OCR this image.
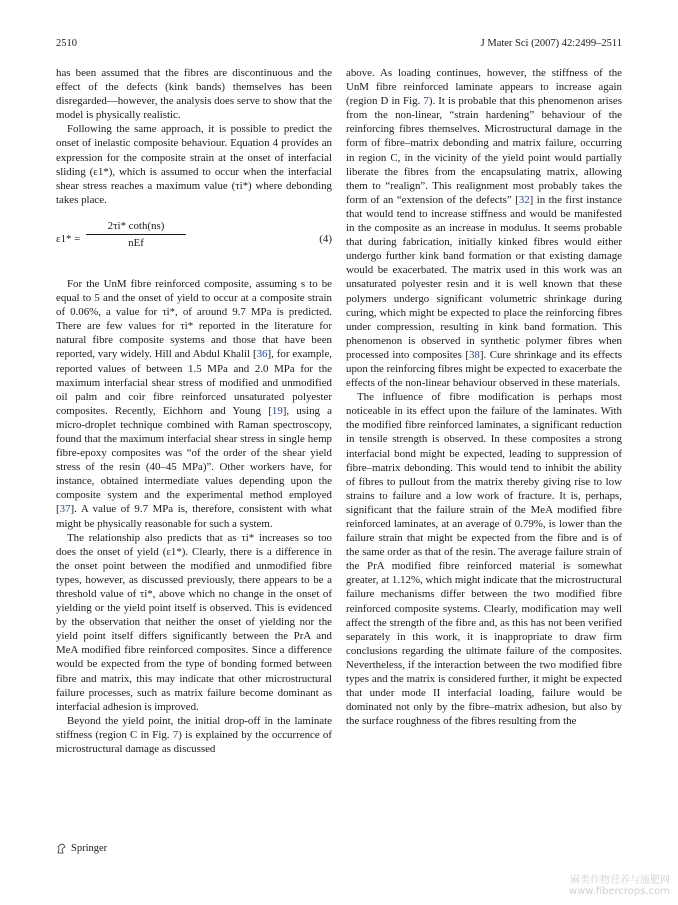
2510	J Mater Sci (2007) 42:2499–2511

has been assumed that the fibres are discontinuous and the effect of the defects (kink bands) themselves has been disregarded—however, the analysis does serve to show that the model is physically realistic.

Following the same approach, it is possible to predict the onset of inelastic composite behaviour. Equation 4 provides an expression for the composite strain at the onset of interfacial sliding (ε1*), which is assumed to occur when the interfacial shear stress reaches a maximum value (τi*) where debonding takes place.

ε1* =
2τi* coth(ns)
nEf	(4)

For the UnM fibre reinforced composite, assuming s to be equal to 5 and the onset of yield to occur at a composite strain of 0.06%, a value for τi*, of around 9.7 MPa is predicted. There are few values for τi* reported in the literature for natural fibre composite systems and those that have been reported, vary widely. Hill and Abdul Khalil [36], for example, reported values of between 1.5 MPa and 2.0 MPa for the maximum interfacial shear stress of modified and unmodified oil palm and coir fibre reinforced unsaturated polyester composites. Recently, Eichhorn and Young [19], using a micro-droplet technique combined with Raman spectroscopy, found that the maximum interfacial shear stress in single hemp fibre-epoxy composites was “of the order of the shear yield stress of the resin (40–45 MPa)”. Other workers have, for instance, obtained intermediate values depending upon the composite system and the experimental method employed [37]. A value of 9.7 MPa is, therefore, consistent with what might be physically reasonable for such a system.

The relationship also predicts that as τi* increases so too does the onset of yield (ε1*). Clearly, there is a difference in the onset point between the modified and unmodified fibre types, however, as discussed previously, there appears to be a threshold value of τi*, above which no change in the onset of yielding or the yield point itself is observed. This is evidenced by the observation that neither the onset of yielding nor the yield point itself differs significantly between the PrA and MeA modified fibre reinforced composites. Since a difference would be expected from the type of bonding formed between fibre and matrix, this may indicate that other microstructural failure processes, such as matrix failure become dominant as interfacial adhesion is improved.

Beyond the yield point, the initial drop-off in the laminate stiffness (region C in Fig. 7) is explained by the occurrence of microstructural damage as discussed

above. As loading continues, however, the stiffness of the UnM fibre reinforced laminate appears to increase again (region D in Fig. 7). It is probable that this phenomenon arises from the non-linear, “strain hardening” behaviour of the reinforcing fibres themselves. Microstructural damage in the form of fibre–matrix debonding and matrix failure, occurring in region C, in the vicinity of the yield point would partially liberate the fibres from the encapsulating matrix, allowing them to “realign”. This realignment most probably takes the form of an “extension of the defects” [32] in the first instance that would tend to increase stiffness and would be manifested in the composite as an increase in modulus. It seems probable that during fabrication, initially kinked fibres would either undergo further kink band formation or that existing damage would be exacerbated. The matrix used in this work was an unsaturated polyester resin and it is well known that these polymers undergo significant volumetric shrinkage during curing, which might be expected to place the reinforcing fibres under compression, resulting in kink band formation. This phenomenon is observed in synthetic polymer fibres when processed into composites [38]. Cure shrinkage and its effects upon the reinforcing fibres might be expected to exacerbate the effects of the non-linear behaviour observed in these materials.

The influence of fibre modification is perhaps most noticeable in its effect upon the failure of the laminates. With the modified fibre reinforced laminates, a significant reduction in tensile strength is observed. In these composites a strong interfacial bond might be expected, leading to suppression of fibre–matrix debonding. This would tend to inhibit the ability of fibres to pullout from the matrix thereby giving rise to low strains to failure and a low work of fracture. It is, perhaps, significant that the failure strain of the MeA modified fibre reinforced laminates, at an average of 0.79%, is lower than the failure strain that might be expected from the fibre and is of the same order as that of the resin. The average failure strain of the PrA modified fibre reinforced material is somewhat greater, at 1.12%, which might indicate that the microstructural failure mechanisms differ between the two modified fibre reinforced composite systems. Clearly, modification may well affect the strength of the fibre and, as this has not been verified separately in this work, it is inappropriate to draw firm conclusions regarding the ultimate failure of the composites. Nevertheless, if the interaction between the two modified fibre types and the matrix is considered further, it might be expected that under mode II interfacial loading, failure would be dominated not only by the fibre–matrix adhesion, but also by the surface roughness of the fibres resulting from the

Springer
麻类作物营养与施肥网
www.fibercrops.com
